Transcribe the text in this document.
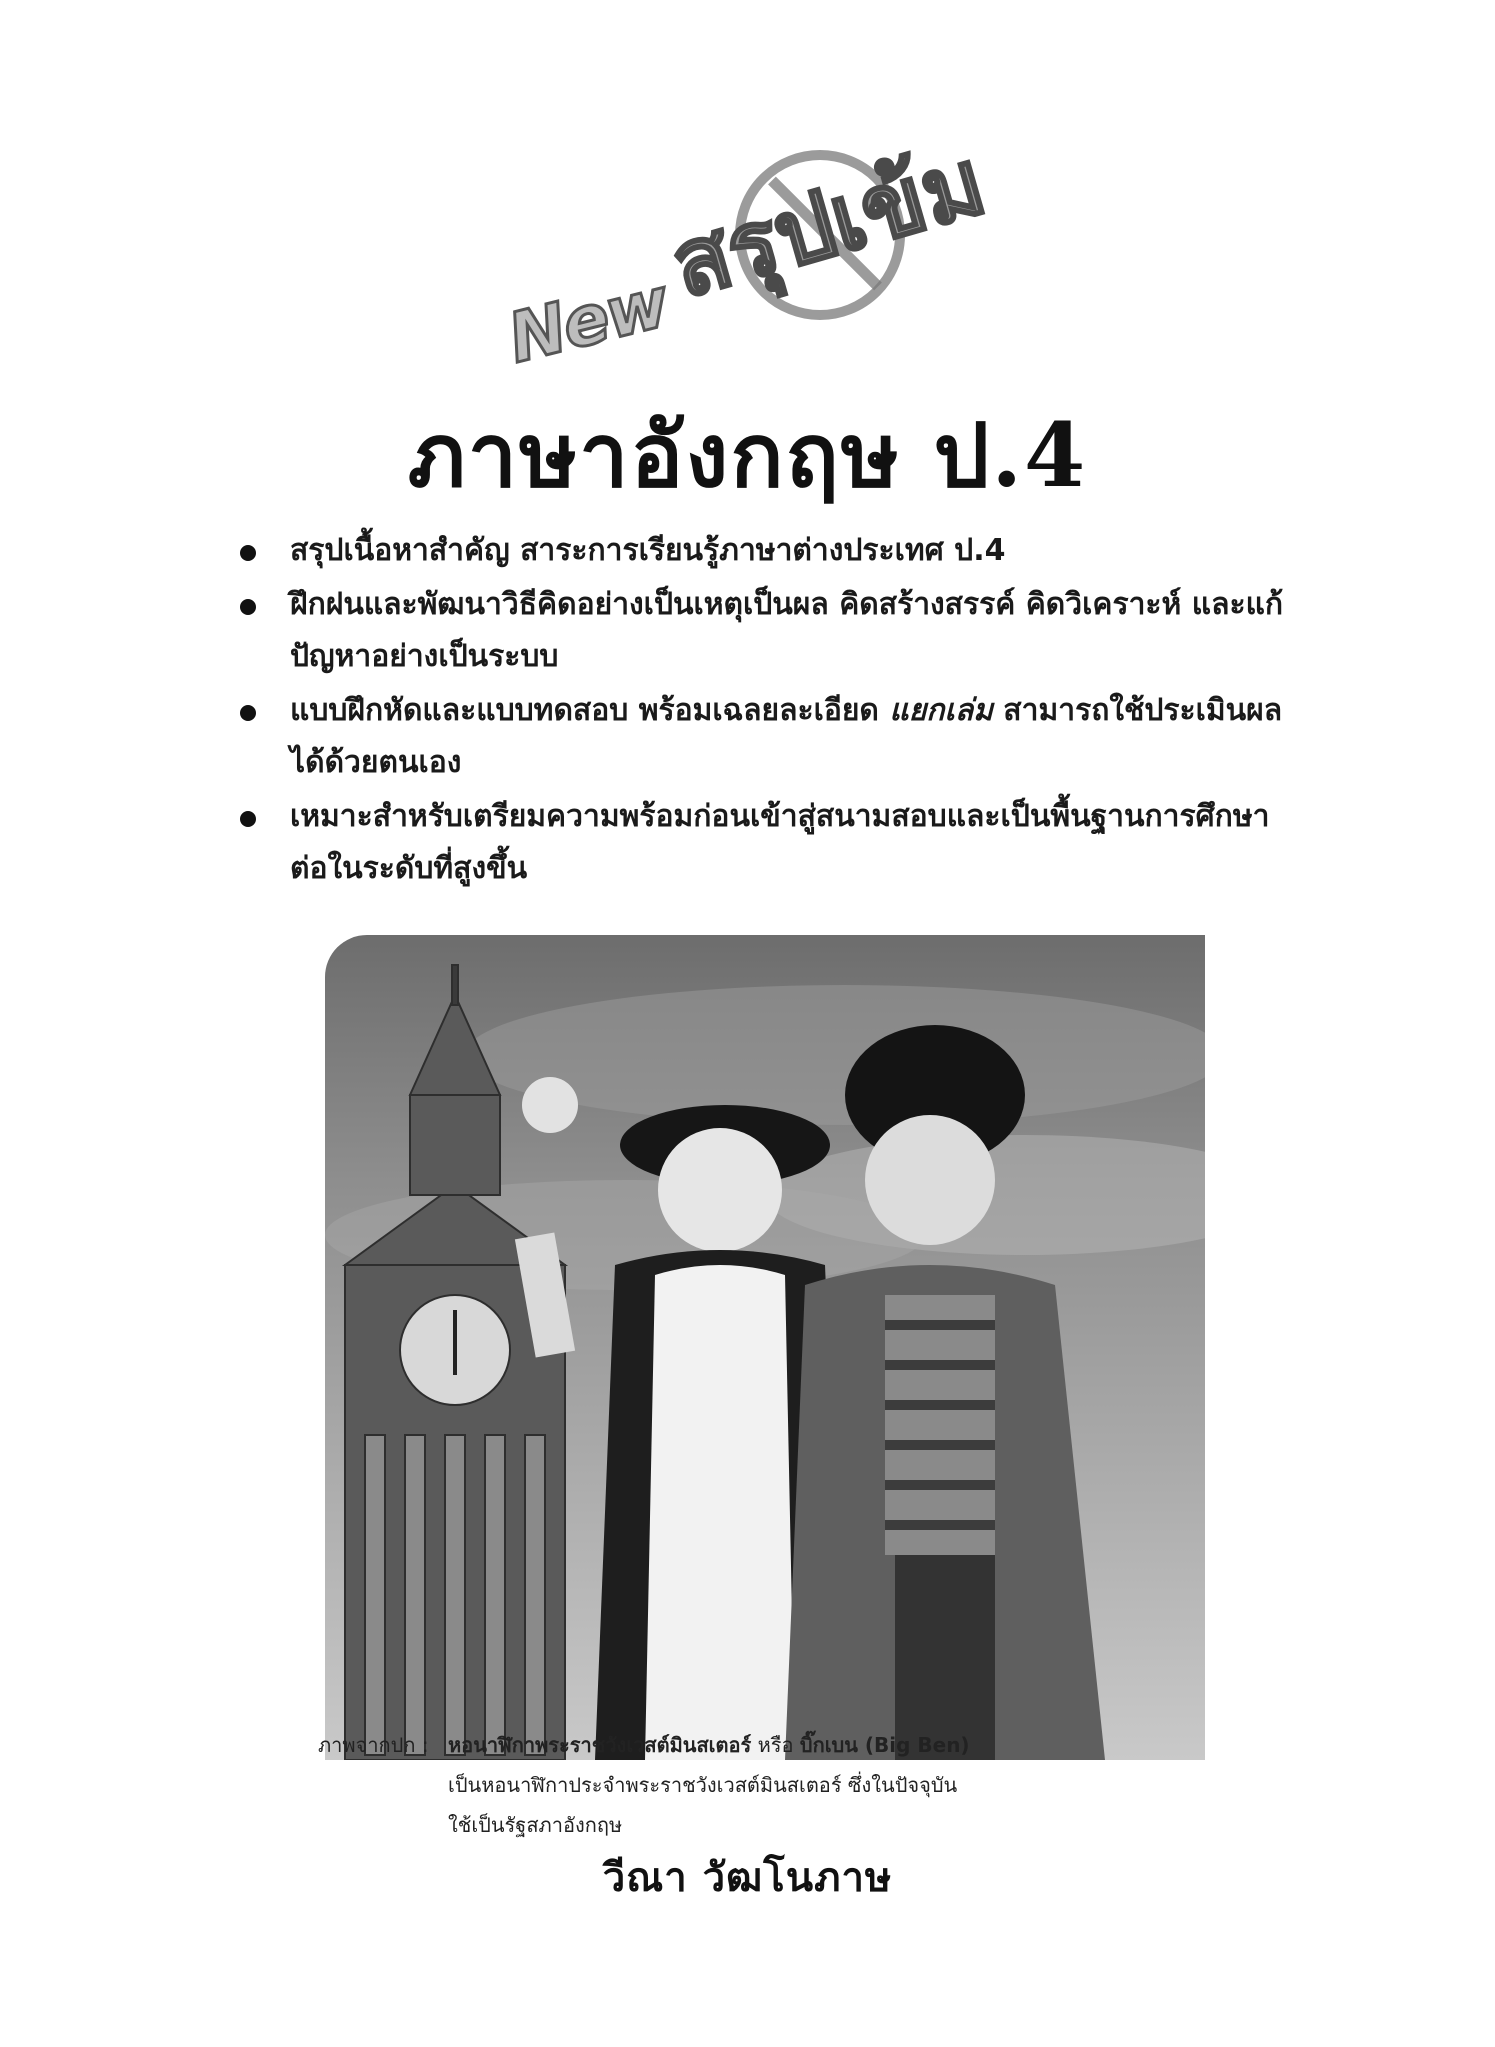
New
สรุปเข้ม
ภาษาอังกฤษ ป.4
สรุปเนื้อหาสำคัญ สาระการเรียนรู้ภาษาต่างประเทศ ป.4
ฝึกฝนและพัฒนาวิธีคิดอย่างเป็นเหตุเป็นผล คิดสร้างสรรค์ คิดวิเคราะห์ และแก้ปัญหาอย่างเป็นระบบ
แบบฝึกหัดและแบบทดสอบ พร้อมเฉลยละเอียด แยกเล่ม สามารถใช้ประเมินผลได้ด้วยตนเอง
เหมาะสำหรับเตรียมความพร้อมก่อนเข้าสู่สนามสอบและเป็นพื้นฐานการศึกษาต่อในระดับที่สูงขึ้น
ภาพจากปก : หอนาฬิกาพระราชวังเวสต์มินสเตอร์ หรือ บิ๊กเบน (Big Ben)
เป็นหอนาฬิกาประจำพระราชวังเวสต์มินสเตอร์ ซึ่งในปัจจุบัน
ใช้เป็นรัฐสภาอังกฤษ
วีณา วัฒโนภาษ
